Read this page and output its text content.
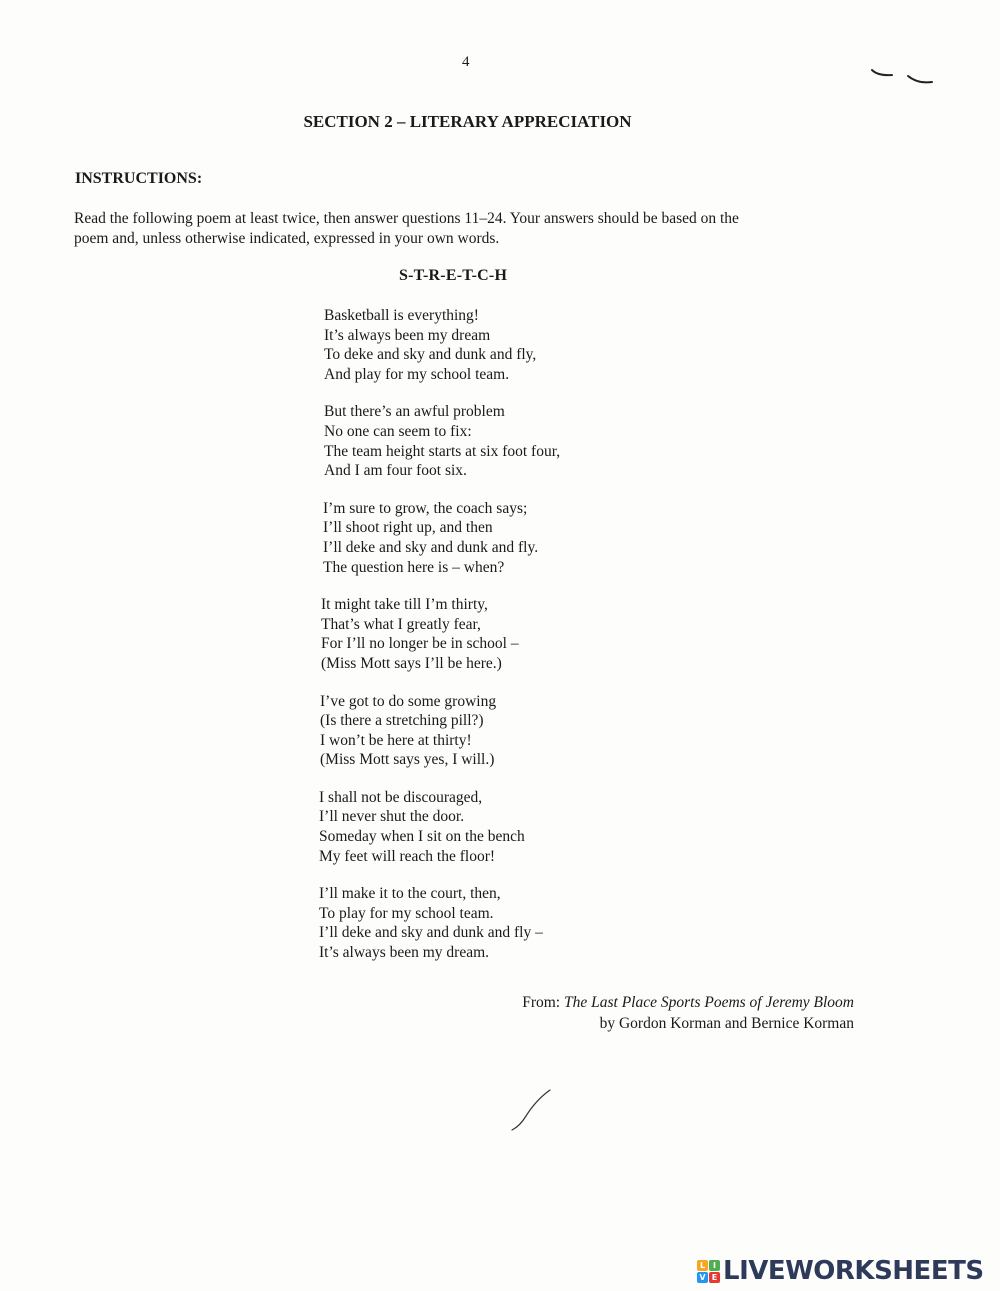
4
SECTION 2 – LITERARY APPRECIATION
INSTRUCTIONS:
Read the following poem at least twice, then answer questions 11–24. Your answers should be based on the
poem and, unless otherwise indicated, expressed in your own words.
S-T-R-E-T-C-H
Basketball is everything!
It’s always been my dream
To deke and sky and dunk and fly,
And play for my school team.
But there’s an awful problem
No one can seem to fix:
The team height starts at six foot four,
And I am four foot six.
I’m sure to grow, the coach says;
I’ll shoot right up, and then
I’ll deke and sky and dunk and fly.
The question here is – when?
It might take till I’m thirty,
That’s what I greatly fear,
For I’ll no longer be in school –
(Miss Mott says I’ll be here.)
I’ve got to do some growing
(Is there a stretching pill?)
I won’t be here at thirty!
(Miss Mott says yes, I will.)
I shall not be discouraged,
I’ll never shut the door.
Someday when I sit on the bench
My feet will reach the floor!
I’ll make it to the court, then,
To play for my school team.
I’ll deke and sky and dunk and fly –
It’s always been my dream.
From: The Last Place Sports Poems of Jeremy Bloom
by Gordon Korman and Bernice Korman
L I
V E LIVEWORKSHEETS
